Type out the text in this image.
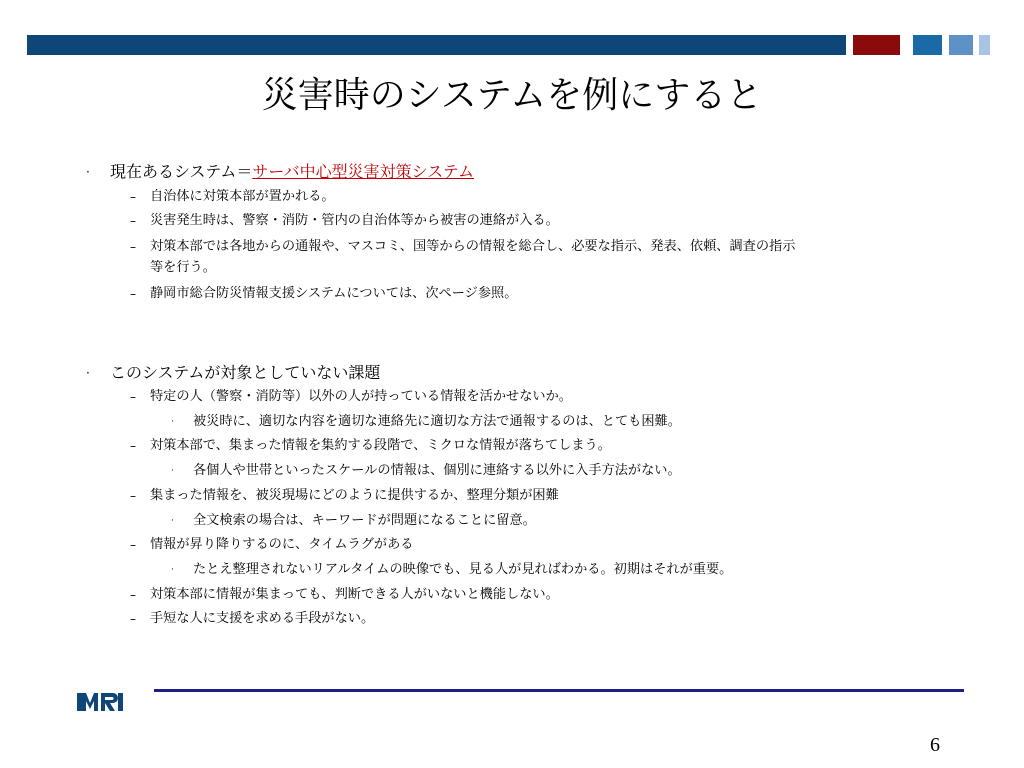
災害時のシステムを例にすると
· 現在あるシステム＝サーバ中心型災害対策システム
– 自治体に対策本部が置かれる。
– 災害発生時は、警察・消防・管内の自治体等から被害の連絡が入る。
– 対策本部では各地からの通報や、マスコミ、国等からの情報を総合し、必要な指示、発表、依頼、調査の指示
等を行う。
– 静岡市総合防災情報支援システムについては、次ページ参照。
· このシステムが対象としていない課題
– 特定の人（警察・消防等）以外の人が持っている情報を活かせないか。
· 被災時に、適切な内容を適切な連絡先に適切な方法で通報するのは、とても困難。
– 対策本部で、集まった情報を集約する段階で、ミクロな情報が落ちてしまう。
· 各個人や世帯といったスケールの情報は、個別に連絡する以外に入手方法がない。
– 集まった情報を、被災現場にどのように提供するか、整理分類が困難
· 全文検索の場合は、キーワードが問題になることに留意。
– 情報が昇り降りするのに、タイムラグがある
· たとえ整理されないリアルタイムの映像でも、見る人が見ればわかる。初期はそれが重要。
– 対策本部に情報が集まっても、判断できる人がいないと機能しない。
– 手短な人に支援を求める手段がない。
6
